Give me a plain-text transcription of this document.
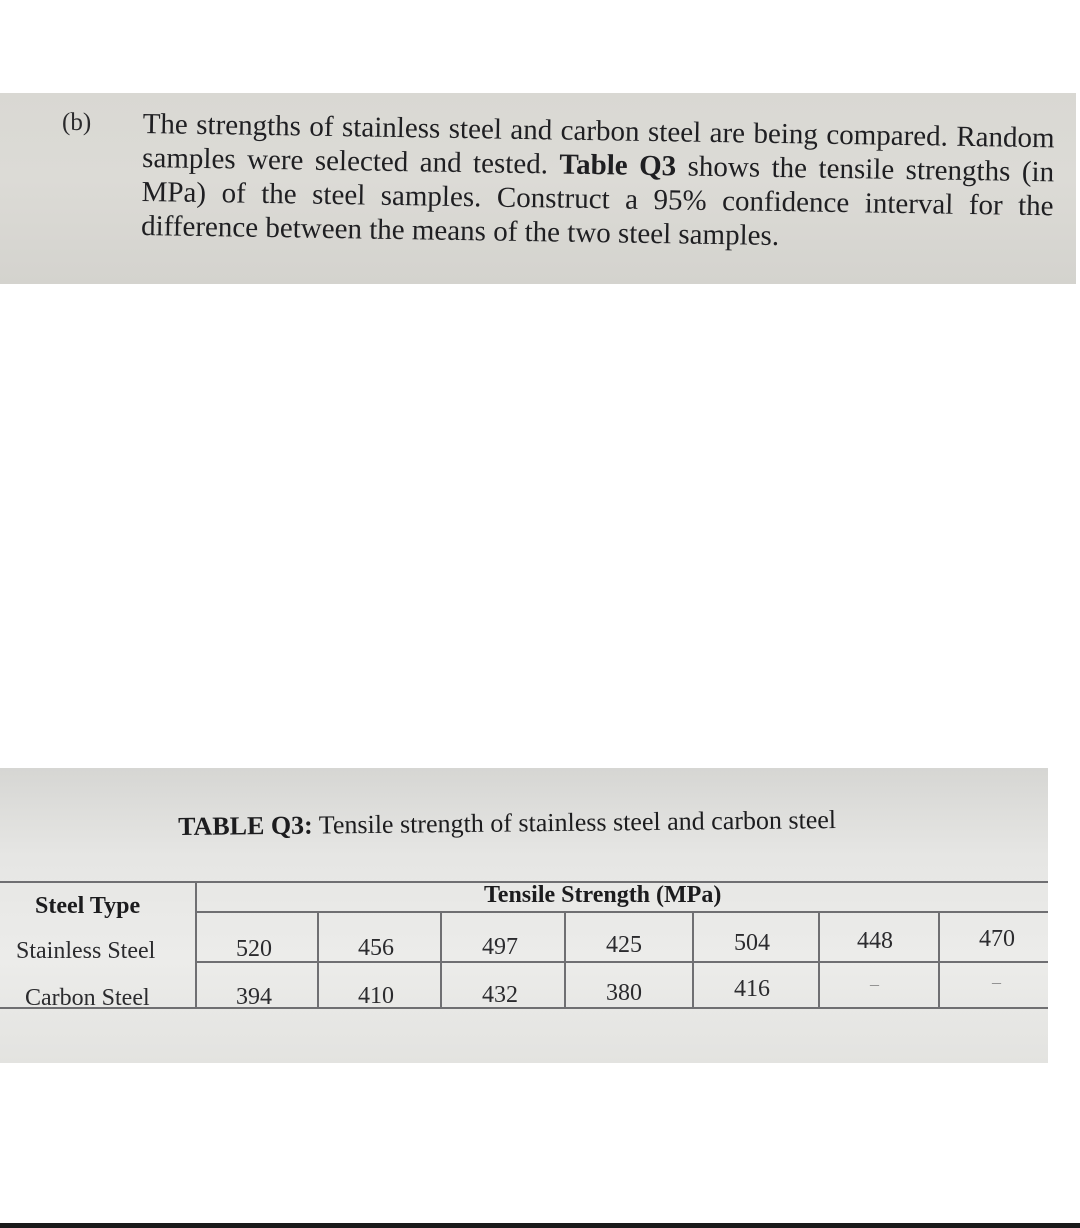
(b) The strengths of stainless steel and carbon steel are being compared. Random samples were selected and tested. Table Q3 shows the tensile strengths (in MPa) of the steel samples. Construct a 95% confidence interval for the difference between the means of the two steel samples.
TABLE Q3: Tensile strength of stainless steel and carbon steel
Steel Type	Tensile Strength (MPa)
Stainless Steel	520	456	497	425	504	448	470
Carbon Steel	394	410	432	380	416	–	–
